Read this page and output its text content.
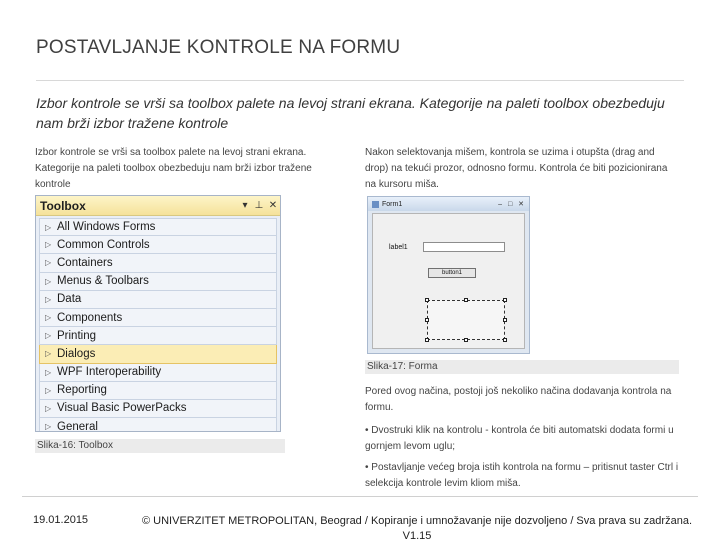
POSTAVLJANJE KONTROLE NA FORMU
Izbor kontrole se vrši sa toolbox palete na levoj strani ekrana. Kategorije na paleti toolbox obezbeduju nam brži izbor tražene kontrole
Izbor kontrole se vrši sa toolbox palete na levoj strani ekrana. Kategorije na paleti toolbox obezbeduju nam brži izbor tražene kontrole
Nakon selektovanja mišem, kontrola se uzima i otupšta (drag and drop) na tekući prozor, odnosno formu. Kontrola će biti pozicionirana na kursoru miša.
Toolbox	▾ ⊥ ✕
▷ All Windows Forms
▷ Common Controls
▷ Containers
▷ Menus & Toolbars
▷ Data
▷ Components
▷ Printing
▷ Dialogs
▷ WPF Interoperability
▷ Reporting
▷ Visual Basic PowerPacks
▷ General
Slika-16: Toolbox
Form1	– □ ✕
label1
button1
Slika-17: Forma
Pored ovog načina, postoji još nekoliko načina dodavanja kontrola na formu.
• Dvostruki klik na kontrolu - kontrola će biti automatski dodata formi u gornjem levom uglu;
• Postavljanje većeg broja istih kontrola na formu – pritisnut taster Ctrl i selekcija kontrole levim kliom miša.
19.01.2015	© UNIVERZITET METROPOLITAN, Beograd / Kopiranje i umnožavanje nije dozvoljeno / Sva prava su zadržana. V1.15
